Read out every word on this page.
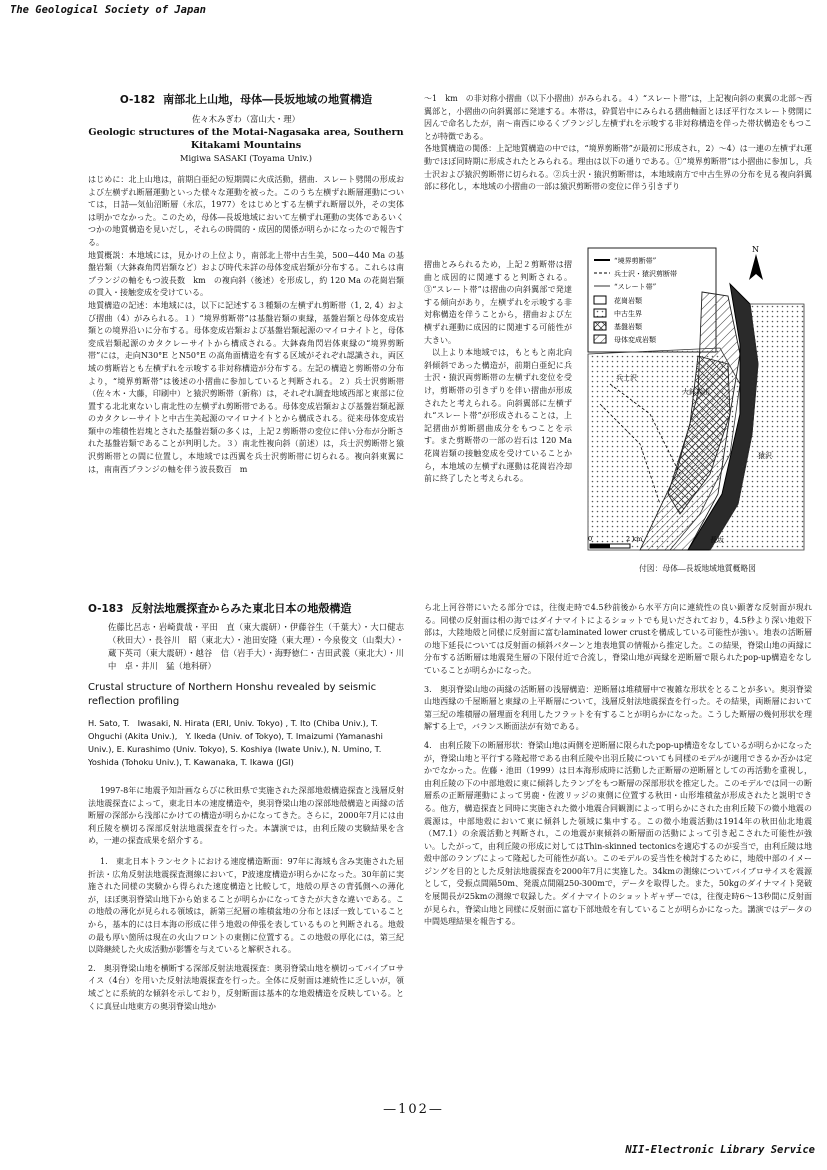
The Geological Society of Japan

O-182 南部北上山地，母体―長坂地域の地質構造

佐々木みぎわ（富山大・理）

Geologic structures of the Motai-Nagasaka area, Southern
Kitakami Mountains

Migiwa SASAKI (Toyama Univ.)

はじめに：北上山地は，前期白亜紀の短期間に火成活動，摺曲．スレート劈開の形成および左横ずれ断層運動といった様々な運動を被った。このうち左横ずれ断層運動については，日詰―気仙沼断層（永広，1977）をはじめとする左横ずれ断層以外，その実体は明かでなかった。このため，母体―長坂地域において左横ずれ運動の実体であるいくつかの地質構造を見いだし，それらの時間的・成因的関係が明らかになったので報告する。

地質概説：本地域には，見かけの上位より，南部北上帯中古生美，500−440 Ma の基盤岩類（大鉢森角閃岩類など）および時代未詳の母体変成岩類が分布する。これらは南プランジの軸をもつ波長数　km　の複向斜（後述）を形成し，約 120 Ma の花崗岩類の貫入・接触変成を受けている。

地質構造の記述：本地域には，以下に記述する３種類の左横ずれ剪断帯（1, 2, 4）および摺曲（4）がみられる。１）“境界剪断帯”は基盤岩類の東縁，基盤岩類と母体変成岩類との境界沿いに分布する。母体変成岩類および基盤岩類起源のマイロナイトと，母体変成岩類起源のカタクレーサイトから構成される。大鉢森角閃岩体東縁の“境界剪断帯”には，走向N30°E とN50°E の高角面構造を有する区域がそれぞれ認識され，両区域の剪断岩とも左横ずれを示唆する非対称構造が分布する。左記の構造と剪断帯の分布より，“境界剪断帯”は後述の小摺曲に参加していると判断される。２）兵士沢剪断帯（佐々木・大藤，印刷中）と猿沢剪断帯（新称）は，それぞれ調査地域西部と東部に位置する北北東ないし南北性の左横ずれ剪断帯である。母体変成岩類および基盤岩類起源のカタクレーサイトと中古生美起源のマイロナイトとから構成される。従来母体変成岩類中の堆積性岩塊とされた基盤岩類の多くは，上記２剪断帯の変位に伴い分布が分断された基盤岩類であることが判明した。３）南北性複向斜（前述）は，兵士沢剪断帯と猿沢剪断帯との間に位置し，本地域では西翼を兵士沢剪断帯に切られる。複向斜東翼には，南南西プランジの軸を伴う波長数百　m

〜1　km　の非対称小摺曲（以下小摺曲）がみられる。４）“スレート帯”は，上記複向斜の東翼の北部〜西翼部と，小摺曲の向斜翼部に発達する。本帯は，砕質岩中にみられる摺曲軸面とほぼ平行なスレート劈開に因んで命名したが，南〜南西にゆるくプランジし左横ずれを示唆する非対称構造を伴った帯状構造をもつことが特徴である。

各地質構造の関係：上記地質構造の中では，“境界剪断帯”が最初に形成され，2）〜4）は一連の左横ずれ運動でほぼ同時期に形成されたとみられる。理由は以下の通りである。①“境界剪断帯”は小摺曲に参加し，兵士沢および猿沢剪断帯に切られる。②兵士沢・猿沢剪断帯は，本地域南方で中古生界の分布を見る複向斜翼部に移化し，本地域の小摺曲の一部は猿沢剪断帯の変位に伴う引きずり

摺曲とみられるため，上記２剪断帯は摺曲と成因的に関連すると判断される。③“スレート帯”は摺曲の向斜翼部で発達する傾向があり，左横ずれを示唆する非対称構造を伴うことから，摺曲および左横ずれ運動に成因的に関連する可能性が大きい。

以上より本地域では，もともと南北向斜傾斜であった構造が，前期白亜紀に兵士沢・猿沢両剪断帯の左横ずれ変位を受け，剪断帯の引きずりを伴い摺曲が形成されたと考えられる。向斜翼部に左横ずれ“スレート帯”が形成されることは，上記摺曲が剪断摺曲成分をもつことを示す。また剪断帯の一部の岩石は 120 Ma 花崗岩類の接触変成を受けていることから，本地域の左横ずれ運動は花崗岩冷却前に終了したと考えられる。

“境界剪断帯”
兵士沢・猿沢剪断帯
“スレート帯”
花崗岩類
中古生界
基盤岩類
母体変成岩類
N
兵士沢
大鉢森山
猿沢
長坂
0	2 km
付図：母体―長坂地域地質概略図

O-183 反射法地震探査からみた東北日本の地殻構造

佐藤比呂志・岩崎貴哉・平田　直（東大震研）・伊藤谷生（千葉大）・大口健志（秋田大）・長谷川　昭（東北大）・池田安隆（東大理）・今泉俊文（山梨大）・蔵下英司（東大震研）・越谷　信（岩手大）・海野徳仁・吉田武義（東北大）・川中　卓・井川　猛（地科研）

Crustal structure of Northern Honshu revealed by seismic reflection profiling

H. Sato, T.　Iwasaki, N. Hirata (ERI, Univ. Tokyo) , T. Ito (Chiba Univ.), T. Ohguchi (Akita Univ.),　Y. Ikeda (Univ. of Tokyo), T. Imaizumi (Yamanashi Univ.), E. Kurashimo (Univ. Tokyo), S. Koshiya (Iwate Univ.), N. Umino, T. Yoshida (Tohoku Univ.), T. Kawanaka, T. Ikawa (JGI)

1997-8年に地震予知計画ならびに秋田県で実施された深部地殻構造探査と浅層反射法地震探査によって，東北日本の速度構造や，奥羽脊梁山地の深部地殻構造と両縁の活断層の深部から浅部にかけての構造が明らかになってきた。さらに，2000年7月には由利丘陵を横切る深部反射法地震探査を行った。本講演では，由利丘陵の実験結果を含め，一連の探査成果を紹介する。

1.　東北日本トランセクトにおける速度構造断面：97年に海域も含み実施された屈折法・広角反射法地震探査測線において，P波速度構造が明らかになった。30年前に実施された同様の実験から得られた速度構造と比較して，地殻の厚さの背弧側への薄化が，ほぼ奥羽脊梁山地下から始まることが明らかになってきたが大きな違いである。この地殻の薄化が見られる領域は，新第三紀層の堆積盆地の分布とほぼ一致していることから，基本的には日本海の形成に伴う地殻の伸張を表しているものと判断される。地殻の最も厚い箇所は現在の火山フロントの東側に位置する。この地殻の厚化には，第三紀以降継続した火成活動が影響を与えていると解釈される。

2.　奥羽脊梁山地を横断する深部反射法地震探査：奥羽脊梁山地を横切ってバイブロサイス（4台）を用いた反射法地震探査を行った。全体に反射面は連続性に乏しいが，領域ごとに系統的な傾斜を示しており，反射断面は基本的な地殻構造を反映している。とくに真昼山地東方の奥羽脊梁山地か

ら北上河谷帯にいたる部分では，往復走時で4.5秒前後から水平方向に連続性の良い顕著な反射面が現れる。同様の反射面は相の海ではダイナマイトによるショットでも見いだされており，4.5秒より深い地殻下部は，大陸地殻と同様に反射面に富むlaminated lower crustを構成している可能性が強い。地表の活断層の地下延長については反射面の傾斜パターンと地表地質の情報から推定した。この結果，脊梁山地の両縁に分布する活断層は地震発生層の下限付近で合流し，脊梁山地が両縁を逆断層で限られたpop-up構造をなしていることが明らかになった。

3.　奥羽脊梁山地の両縁の活断層の浅層構造：逆断層は堆積層中で複雑な形状をとることが多い。奥羽脊梁山地西縁の千屋断層と東縁の上平断層について，浅層反射法地震探査を行った。その結果，両断層において第三紀の堆積層の層理面を利用したフラットを有することが明らかになった。こうした断層の幾何形状を理解する上で，バランス断面法が有効である。

4.　由利丘陵下の断層形状：脊梁山地は両側を逆断層に限られたpop-up構造をなしているが明らかになったが，脊梁山地と平行する隆起帯である由利丘陵や出羽丘陵についても同様のモデルが適用できるか否かは定かでなかった。佐藤・池田（1999）は日本海形成時に活動した正断層の逆断層としての再活動を重視し，由利丘陵の下の中部地殻に東に傾斜したランプをもつ断層の深部形状を推定した。このモデルでは同一の断層系の正断層運動によって男鹿・佐渡リッジの東側に位置する秋田・山形堆積盆が形成されたと説明できる。他方，構造探査と同時に実施された微小地震合同観測によって明らかにされた由利丘陵下の微小地震の震源は，中部地殻において東に傾斜した領域に集中する。この微小地震活動は1914年の秋田仙北地震（M7.1）の余震活動と判断され，この地震が東傾斜の断層面の活動によって引き起こされた可能性が強い。したがって，由利丘陵の形成に対してはThin-skinned tectonicsを適応するのが妥当で，由利丘陵は地殻中部のランプによって隆起した可能性が高い。このモデルの妥当性を検討するために，地殻中部のイメージングを目的とした反射法地震探査を2000年7月に実施した。34kmの測線についてバイブロサイスを震源として，受振点間隔50m、発震点間隔250-300mで，データを取得した。また，50kgのダイナマイト発破を展開長が25kmの測線で収録した。ダイナマイトのショットギャザーでは，往復走時6〜13秒間に反射面が見られ，脊梁山地と同様に反射面に富む下部地殻を有していることが明らかになった。講演ではデータの中間処理結果を報告する。

—102—
NII-Electronic Library Service
